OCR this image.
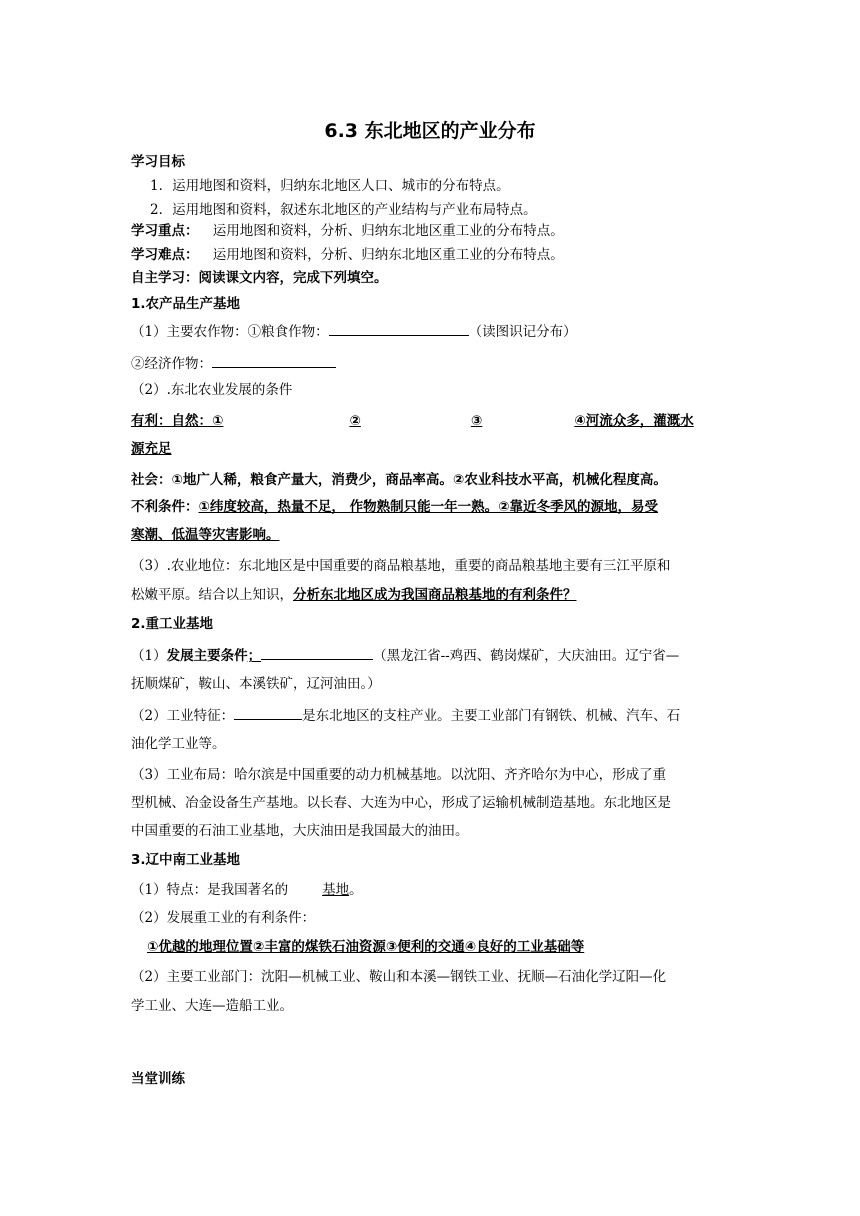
6.3 东北地区的产业分布
学习目标
1．运用地图和资料，归纳东北地区人口、城市的分布特点。
2．运用地图和资料，叙述东北地区的产业结构与产业布局特点。
学习重点： 运用地图和资料，分析、归纳东北地区重工业的分布特点。
学习难点： 运用地图和资料，分析、归纳东北地区重工业的分布特点。
自主学习：阅读课文内容，完成下列填空。
1.农产品生产基地
（1）主要农作物：①粮食作物：	（读图识记分布）
②经济作物：
（2）.东北农业发展的条件
有利：自然：①	②	③	④河流众多，灌溉水
源充足
社会：①地广人稀，粮食产量大，消费少，商品率高。②农业科技水平高，机械化程度高。
不利条件：①纬度较高，热量不足， 作物熟制只能一年一熟。②靠近冬季风的源地，易受
寒潮、低温等灾害影响。
（3）.农业地位：东北地区是中国重要的商品粮基地，重要的商品粮基地主要有三江平原和
松嫩平原。结合以上知识，分析东北地区成为我国商品粮基地的有利条件？
2.重工业基地
（1）发展主要条件；	（黑龙江省--鸡西、鹤岗煤矿，大庆油田。辽宁省—
抚顺煤矿，鞍山、本溪铁矿，辽河油田。）
（2）工业特征：	是东北地区的支柱产业。主要工业部门有钢铁、机械、汽车、石
油化学工业等。
（3）工业布局：哈尔滨是中国重要的动力机械基地。以沈阳、齐齐哈尔为中心，形成了重
型机械、冶金设备生产基地。以长春、大连为中心，形成了运输机械制造基地。东北地区是
中国重要的石油工业基地，大庆油田是我国最大的油田。
3.辽中南工业基地
（1）特点：是我国著名的	基地。
（2）发展重工业的有利条件：
①优越的地理位置②丰富的煤铁石油资源③便利的交通④良好的工业基础等
（2）主要工业部门：沈阳—机械工业、鞍山和本溪—钢铁工业、抚顺—石油化学辽阳—化
学工业、大连—造船工业。
当堂训练
